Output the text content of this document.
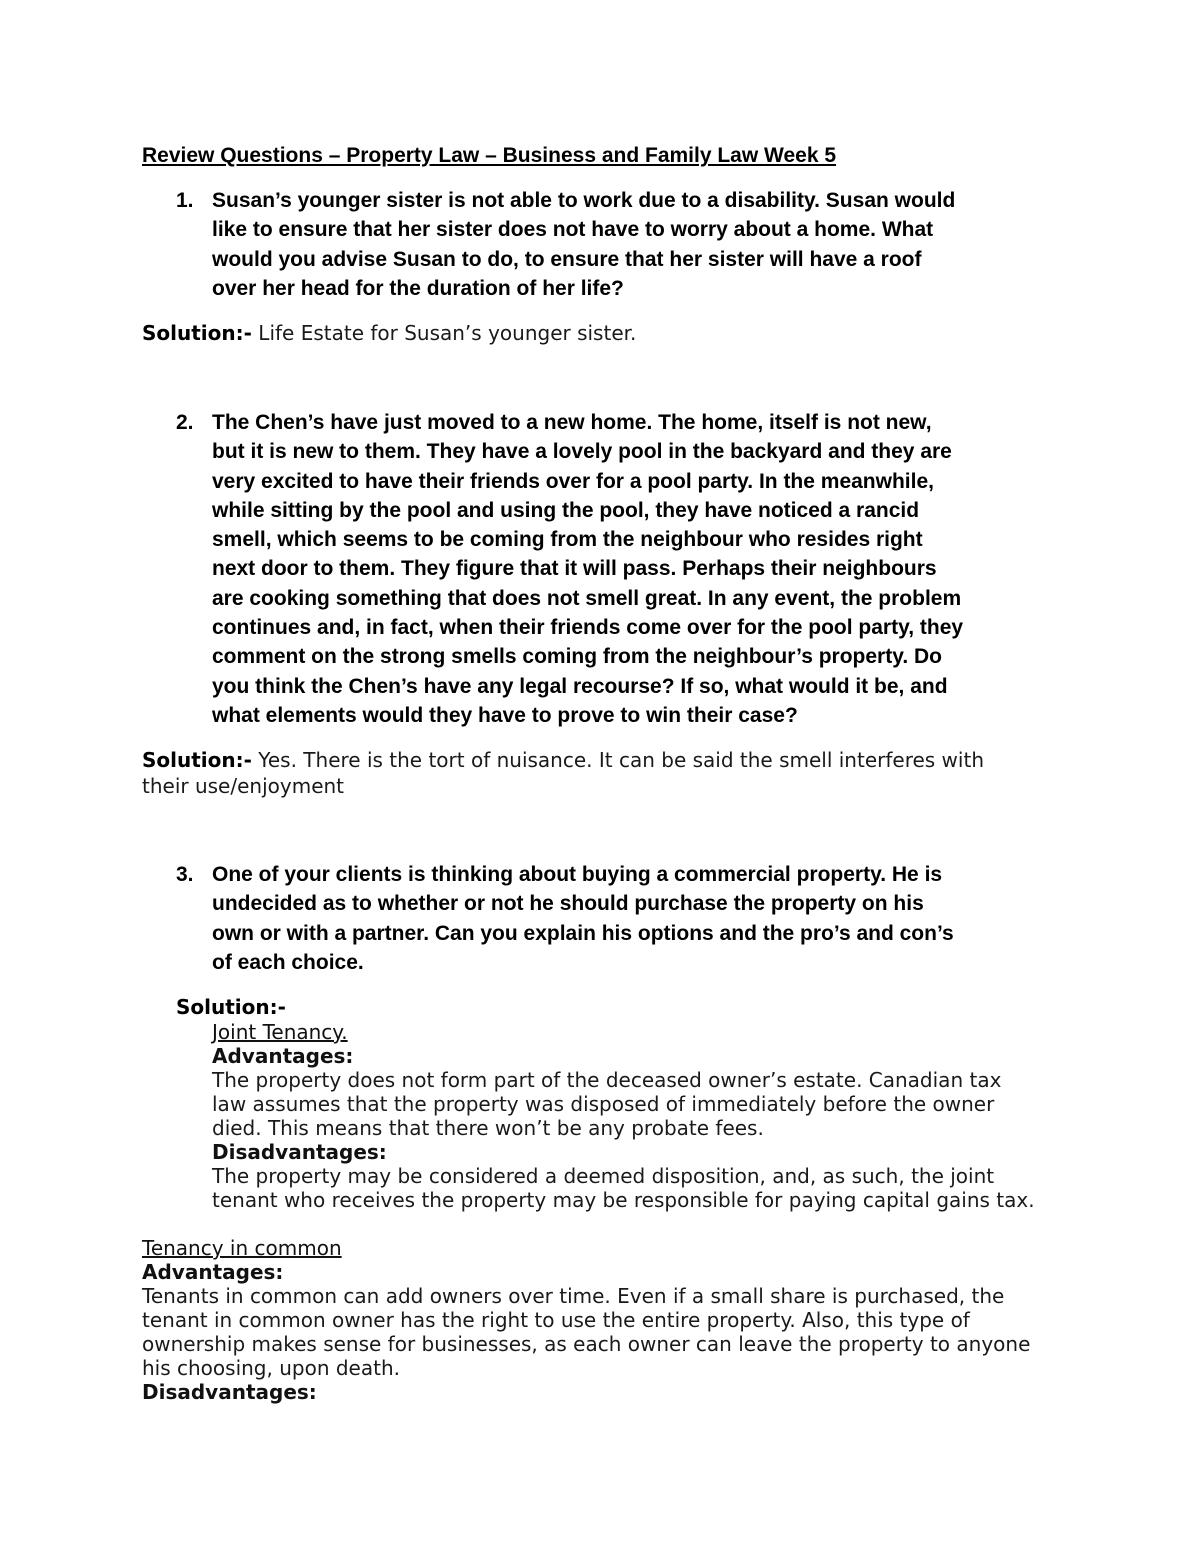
Review Questions – Property Law – Business and Family Law Week 5
1. Susan’s younger sister is not able to work due to a disability. Susan would
like to ensure that her sister does not have to worry about a home. What
would you advise Susan to do, to ensure that her sister will have a roof
over her head for the duration of her life?
Solution:- Life Estate for Susan’s younger sister.
2. The Chen’s have just moved to a new home. The home, itself is not new,
but it is new to them. They have a lovely pool in the backyard and they are
very excited to have their friends over for a pool party. In the meanwhile,
while sitting by the pool and using the pool, they have noticed a rancid
smell, which seems to be coming from the neighbour who resides right
next door to them. They figure that it will pass. Perhaps their neighbours
are cooking something that does not smell great. In any event, the problem
continues and, in fact, when their friends come over for the pool party, they
comment on the strong smells coming from the neighbour’s property. Do
you think the Chen’s have any legal recourse? If so, what would it be, and
what elements would they have to prove to win their case?
Solution:- Yes. There is the tort of nuisance. It can be said the smell interferes with
their use/enjoyment
3. One of your clients is thinking about buying a commercial property. He is
undecided as to whether or not he should purchase the property on his
own or with a partner. Can you explain his options and the pro’s and con’s
of each choice.
Solution:-
Joint Tenancy.
Advantages:
The property does not form part of the deceased owner’s estate. Canadian tax
law assumes that the property was disposed of immediately before the owner
died. This means that there won’t be any probate fees.
Disadvantages:
The property may be considered a deemed disposition, and, as such, the joint
tenant who receives the property may be responsible for paying capital gains tax.
Tenancy in common
Advantages:
Tenants in common can add owners over time. Even if a small share is purchased, the
tenant in common owner has the right to use the entire property. Also, this type of
ownership makes sense for businesses, as each owner can leave the property to anyone
his choosing, upon death.
Disadvantages:
